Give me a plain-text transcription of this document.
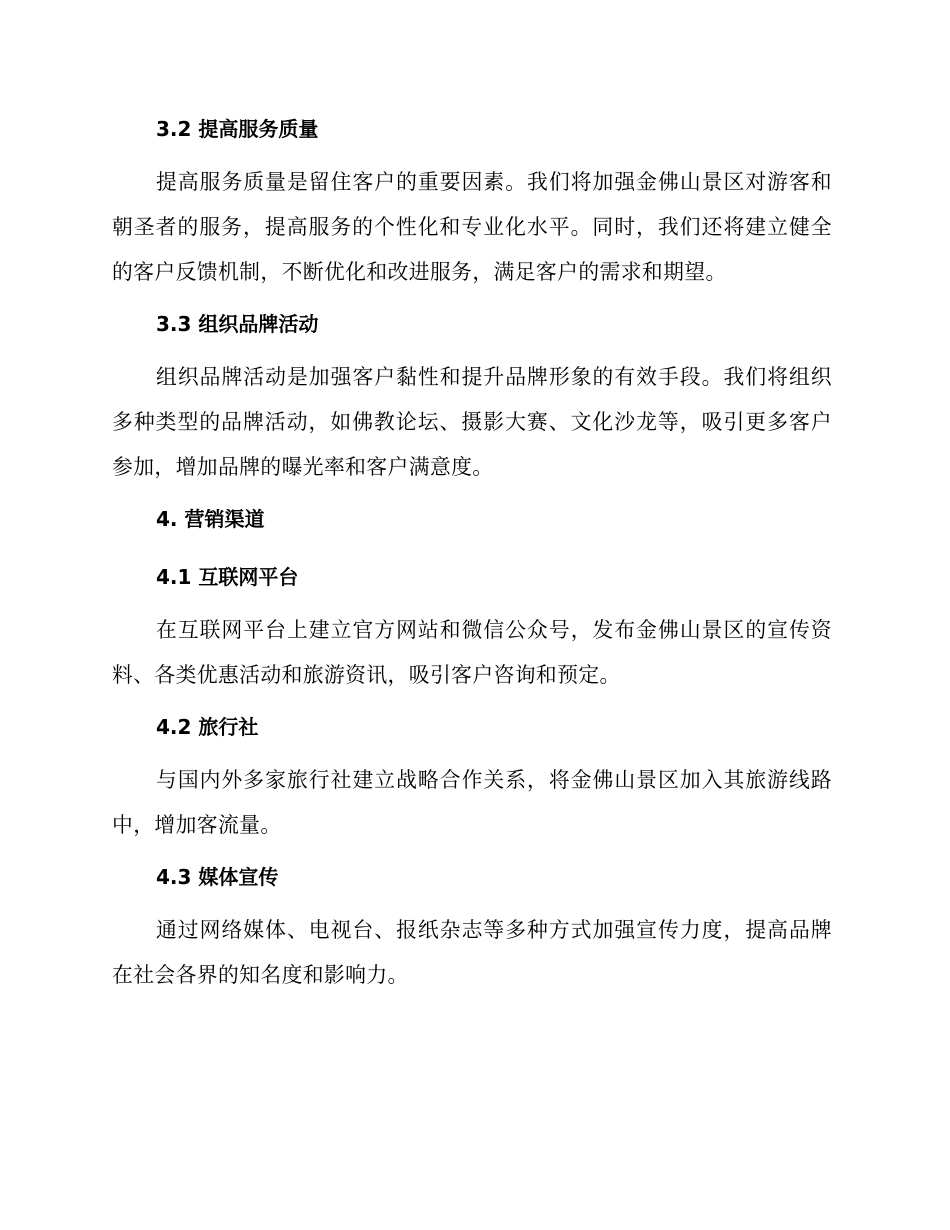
3.2 提高服务质量

提高服务质量是留住客户的重要因素。我们将加强金佛山景区对游客和朝圣者的服务，提高服务的个性化和专业化水平。同时，我们还将建立健全的客户反馈机制，不断优化和改进服务，满足客户的需求和期望。

3.3 组织品牌活动

组织品牌活动是加强客户黏性和提升品牌形象的有效手段。我们将组织多种类型的品牌活动，如佛教论坛、摄影大赛、文化沙龙等，吸引更多客户参加，增加品牌的曝光率和客户满意度。

4. 营销渠道
4.1 互联网平台

在互联网平台上建立官方网站和微信公众号，发布金佛山景区的宣传资料、各类优惠活动和旅游资讯，吸引客户咨询和预定。

4.2 旅行社

与国内外多家旅行社建立战略合作关系，将金佛山景区加入其旅游线路中，增加客流量。

4.3 媒体宣传

通过网络媒体、电视台、报纸杂志等多种方式加强宣传力度，提高品牌在社会各界的知名度和影响力。
